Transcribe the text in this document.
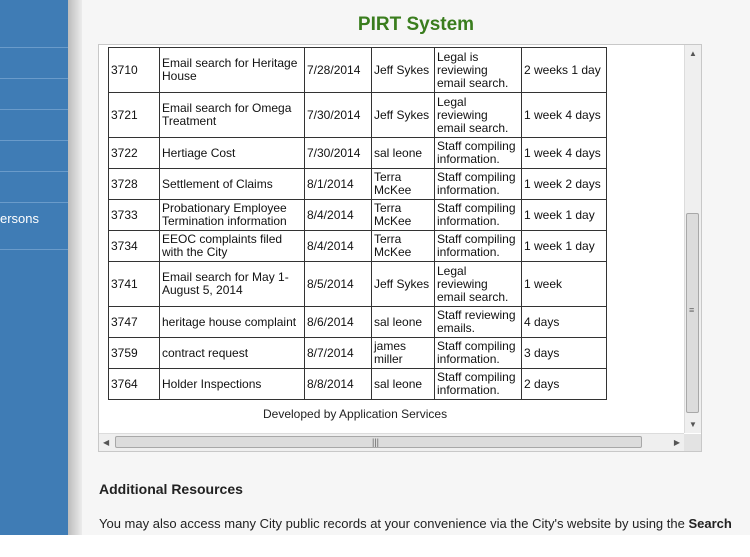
ersons
PIRT System
3710	Email search for Heritage House	7/28/2014	Jeff Sykes	Legal is reviewing email search.	2 weeks 1 day
3721	Email search for Omega Treatment	7/30/2014	Jeff Sykes	Legal reviewing email search.	1 week 4 days
3722	Hertiage Cost	7/30/2014	sal leone	Staff compiling information.	1 week 4 days
3728	Settlement of Claims	8/1/2014	Terra McKee	Staff compiling information.	1 week 2 days
3733	Probationary Employee Termination information	8/4/2014	Terra McKee	Staff compiling information.	1 week 1 day
3734	EEOC complaints filed with the City	8/4/2014	Terra McKee	Staff compiling information.	1 week 1 day
3741	Email search for May 1-August 5, 2014	8/5/2014	Jeff Sykes	Legal reviewing email search.	1 week
3747	heritage house complaint	8/6/2014	sal leone	Staff reviewing emails.	4 days
3759	contract request	8/7/2014	james miller	Staff compiling information.	3 days
3764	Holder Inspections	8/8/2014	sal leone	Staff compiling information.	2 days
Developed by Application Services
▲
≡
▼
◀	|||	▶
Additional Resources
You may also access many City public records at your convenience via the City's website by using the Search
